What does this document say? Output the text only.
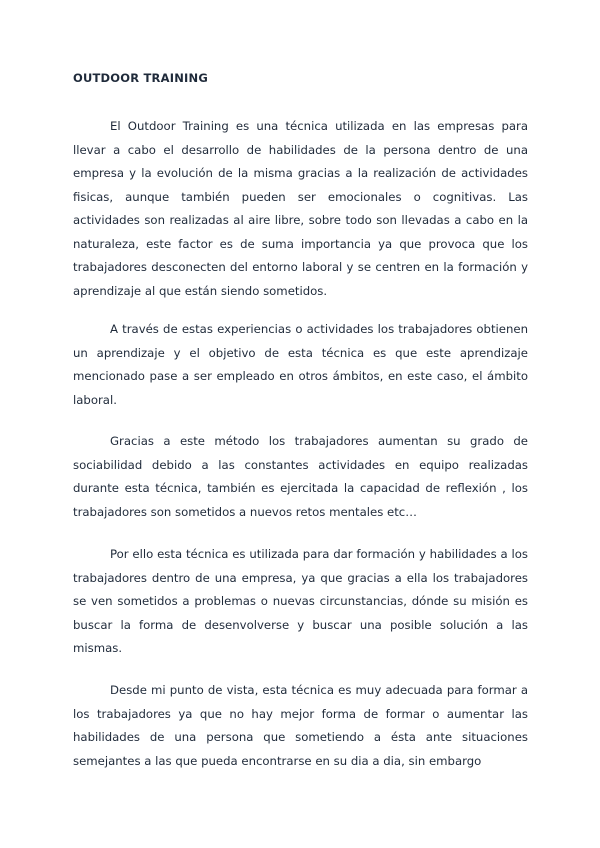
OUTDOOR TRAINING

El Outdoor Training es una técnica utilizada en las empresas para llevar a cabo el desarrollo de habilidades de la persona dentro de una empresa y la evolución de la misma gracias a la realización de actividades fisicas, aunque también pueden ser emocionales o cognitivas. Las actividades son realizadas al aire libre, sobre todo son llevadas a cabo en la naturaleza, este factor es de suma importancia ya que provoca que los trabajadores desconecten del entorno laboral y se centren en la formación y aprendizaje al que están siendo sometidos.

A través de estas experiencias o actividades los trabajadores obtienen un aprendizaje y el objetivo de esta técnica es que este aprendizaje mencionado pase a ser empleado en otros ámbitos, en este caso, el ámbito laboral.

Gracias a este método los trabajadores aumentan su grado de sociabilidad debido a las constantes actividades en equipo realizadas durante esta técnica, también es ejercitada la capacidad de reflexión , los trabajadores son sometidos a nuevos retos mentales etc…

Por ello esta técnica es utilizada para dar formación y habilidades a los trabajadores dentro de una empresa, ya que gracias a ella los trabajadores se ven sometidos a problemas o nuevas circunstancias, dónde su misión es buscar la forma de desenvolverse y buscar una posible solución a las mismas.

Desde mi punto de vista, esta técnica es muy adecuada para formar a los trabajadores ya que no hay mejor forma de formar o aumentar las habilidades de una persona que sometiendo a ésta ante situaciones semejantes a las que pueda encontrarse en su dia a dia, sin embargo
